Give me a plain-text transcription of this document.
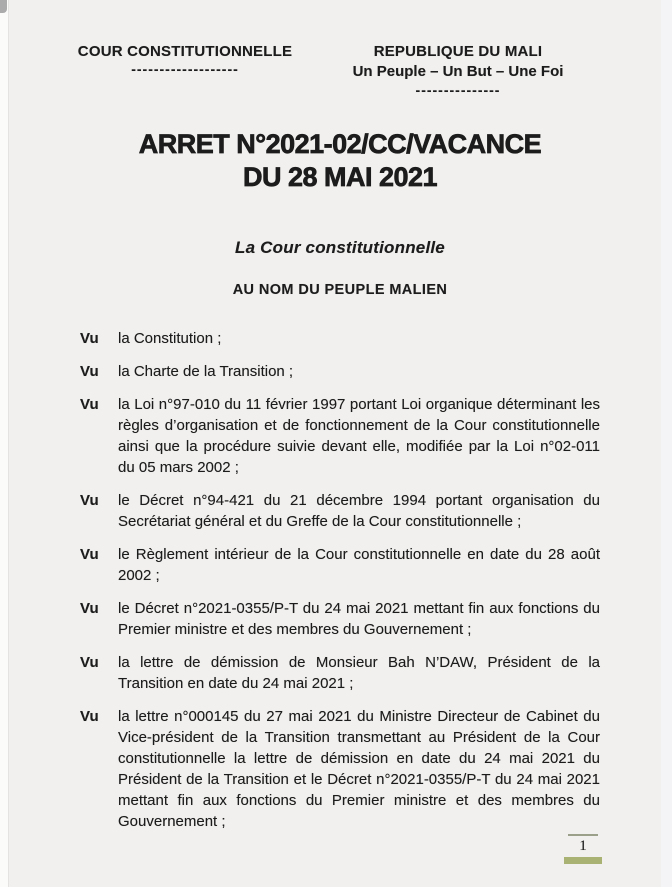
COUR CONSTITUTIONNELLE
-------------------
REPUBLIQUE DU MALI
Un Peuple – Un But – Une Foi
---------------
ARRET N°2021-02/CC/VACANCE
DU 28 MAI 2021
La Cour constitutionnelle
AU NOM DU PEUPLE MALIEN
Vu	la Constitution ;
Vu	la Charte de la Transition ;
Vu	la Loi n°97-010 du 11 février 1997 portant Loi organique déterminant les règles d’organisation et de fonctionnement de la Cour constitutionnelle ainsi que la procédure suivie devant elle, modifiée par la Loi n°02-011 du 05 mars 2002 ;
Vu	le Décret n°94-421 du 21 décembre 1994 portant organisation du Secrétariat général et du Greffe de la Cour constitutionnelle ;
Vu	le Règlement intérieur de la Cour constitutionnelle en date du 28 août 2002 ;
Vu	le Décret n°2021-0355/P-T du 24 mai 2021 mettant fin aux fonctions du Premier ministre et des membres du Gouvernement ;
Vu	la lettre de démission de Monsieur Bah N’DAW, Président de la Transition en date du 24 mai 2021 ;
Vu	la lettre n°000145 du 27 mai 2021 du Ministre Directeur de Cabinet du Vice-président de la Transition transmettant au Président de la Cour constitutionnelle la lettre de démission en date du 24 mai 2021 du Président de la Transition et le Décret n°2021-0355/P-T du 24 mai 2021 mettant fin aux fonctions du Premier ministre et des membres du Gouvernement ;
1
